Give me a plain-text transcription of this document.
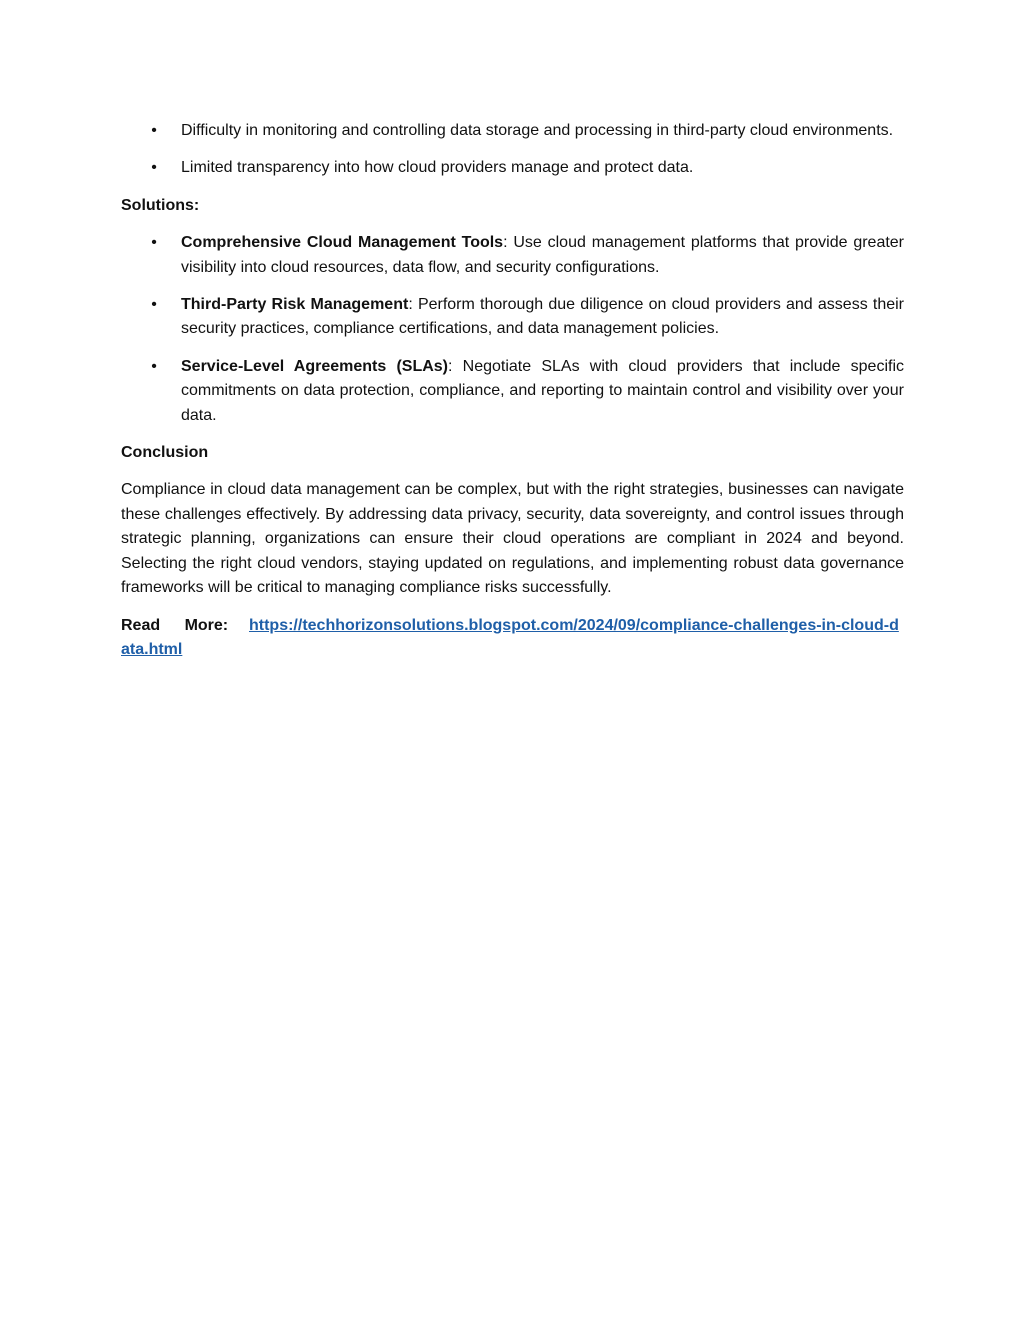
• Difficulty in monitoring and controlling data storage and processing in third-party cloud environments.
• Limited transparency into how cloud providers manage and protect data.

Solutions:

• Comprehensive Cloud Management Tools: Use cloud management platforms that provide greater visibility into cloud resources, data flow, and security configurations.
• Third-Party Risk Management: Perform thorough due diligence on cloud providers and assess their security practices, compliance certifications, and data management policies.
• Service-Level Agreements (SLAs): Negotiate SLAs with cloud providers that include specific commitments on data protection, compliance, and reporting to maintain control and visibility over your data.

Conclusion

Compliance in cloud data management can be complex, but with the right strategies, businesses can navigate these challenges effectively. By addressing data privacy, security, data sovereignty, and control issues through strategic planning, organizations can ensure their cloud operations are compliant in 2024 and beyond. Selecting the right cloud vendors, staying updated on regulations, and implementing robust data governance frameworks will be critical to managing compliance risks successfully.

Read More: https://techhorizonsolutions.blogspot.com/2024/09/compliance-challenges-in-cloud-data.html
